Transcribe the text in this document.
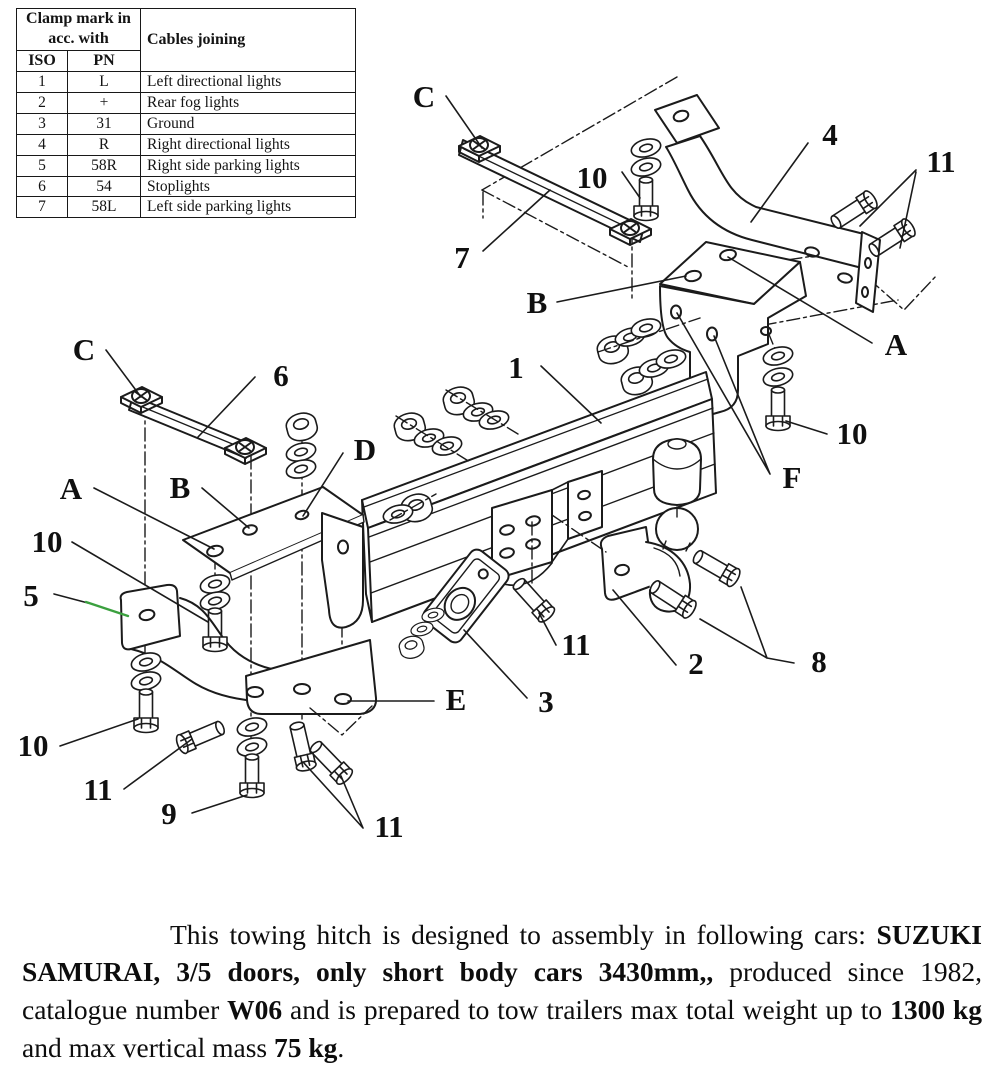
C
4
11
10
7
B
A
F
10
1
C
6
A	B
D
10
5
10
11
9	11
E 3
11
2	8
Clamp mark in acc. with		Cables joining
ISO	PN	
1	L	Left directional lights
2	+	Rear fog lights
3	31	Ground
4	R	Right directional lights
5	58R	Right side parking lights
6	54	Stoplights
7	58L	Left side parking lights

This towing hitch is designed to assembly in following cars: SUZUKI SAMURAI, 3/5 doors, only short body cars 3430mm,, produced since 1982, catalogue number W06 and is prepared to tow trailers max total weight up to 1300 kg and max vertical mass 75 kg.
